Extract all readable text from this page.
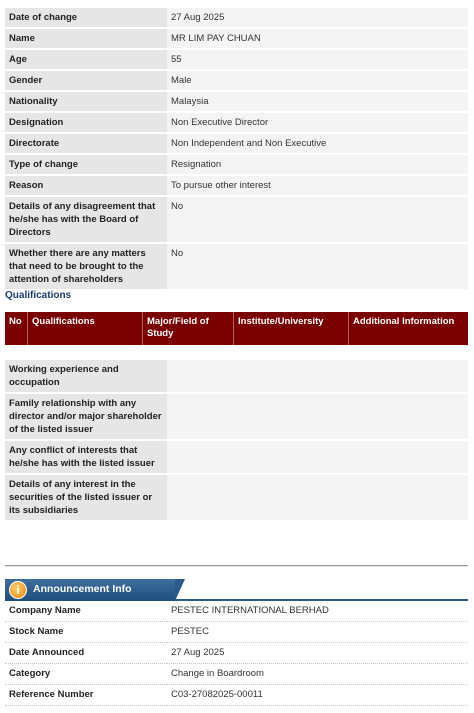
Date of change	27 Aug 2025
Name	MR LIM PAY CHUAN
Age	55
Gender	Male
Nationality	Malaysia
Designation	Non Executive Director
Directorate	Non Independent and Non Executive
Type of change	Resignation
Reason	To pursue other interest
Details of any disagreement that he/she has with the Board of Directors	No
Whether there are any matters that need to be brought to the attention of shareholders	No
Qualifications
No	Qualifications	Major/Field of Study	Institute/University	Additional Information
Working experience and occupation	
Family relationship with any director and/or major shareholder of the listed issuer	
Any conflict of interests that he/she has with the listed issuer	
Details of any interest in the securities of the listed issuer or its subsidiaries	
i	Announcement Info
Company Name	PESTEC INTERNATIONAL BERHAD
Stock Name	PESTEC
Date Announced	27 Aug 2025
Category	Change in Boardroom
Reference Number	C03-27082025-00011
